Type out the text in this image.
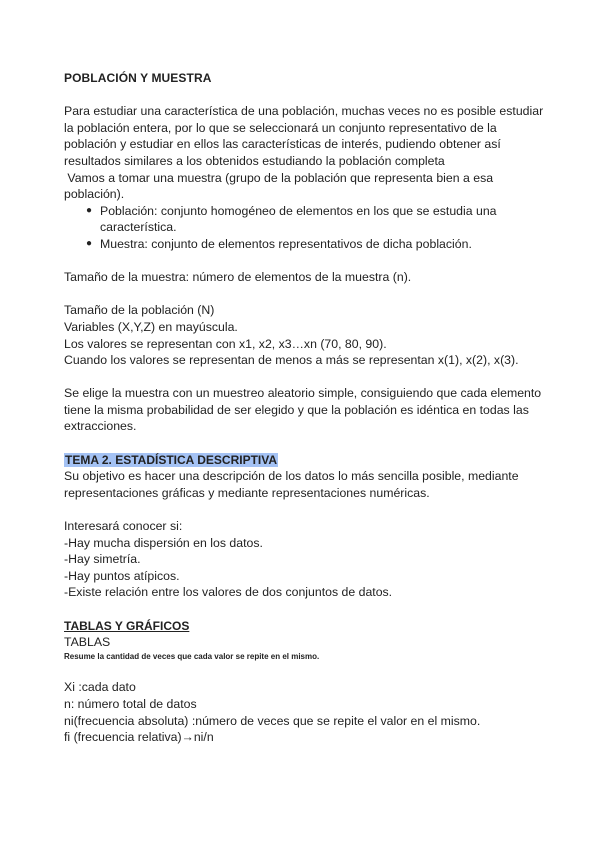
POBLACIÓN Y MUESTRA

Para estudiar una característica de una población, muchas veces no es posible estudiar la población entera, por lo que se seleccionará un conjunto representativo de la población y estudiar en ellos las características de interés, pudiendo obtener así resultados similares a los obtenidos estudiando la población completa

Vamos a tomar una muestra (grupo de la población que representa bien a esa población).

● Población: conjunto homogéneo de elementos en los que se estudia una característica.
● Muestra: conjunto de elementos representativos de dicha población.

Tamaño de la muestra: número de elementos de la muestra (n).

Tamaño de la población (N)

Variables (X,Y,Z) en mayúscula.

Los valores se representan con x1, x2, x3…xn (70, 80, 90).

Cuando los valores se representan de menos a más se representan x(1), x(2), x(3).

Se elige la muestra con un muestreo aleatorio simple, consiguiendo que cada elemento tiene la misma probabilidad de ser elegido y que la población es idéntica en todas las extracciones.

TEMA 2. ESTADÍSTICA DESCRIPTIVA

Su objetivo es hacer una descripción de los datos lo más sencilla posible, mediante representaciones gráficas y mediante representaciones numéricas.

Interesará conocer si:

-Hay mucha dispersión en los datos.

-Hay simetría.

-Hay puntos atípicos.

-Existe relación entre los valores de dos conjuntos de datos.

TABLAS Y GRÁFICOS
TABLAS
Resume la cantidad de veces que cada valor se repite en el mismo.

Xi :cada dato

n: número total de datos

ni(frecuencia absoluta) :número de veces que se repite el valor en el mismo.

fi (frecuencia relativa)→ni/n
